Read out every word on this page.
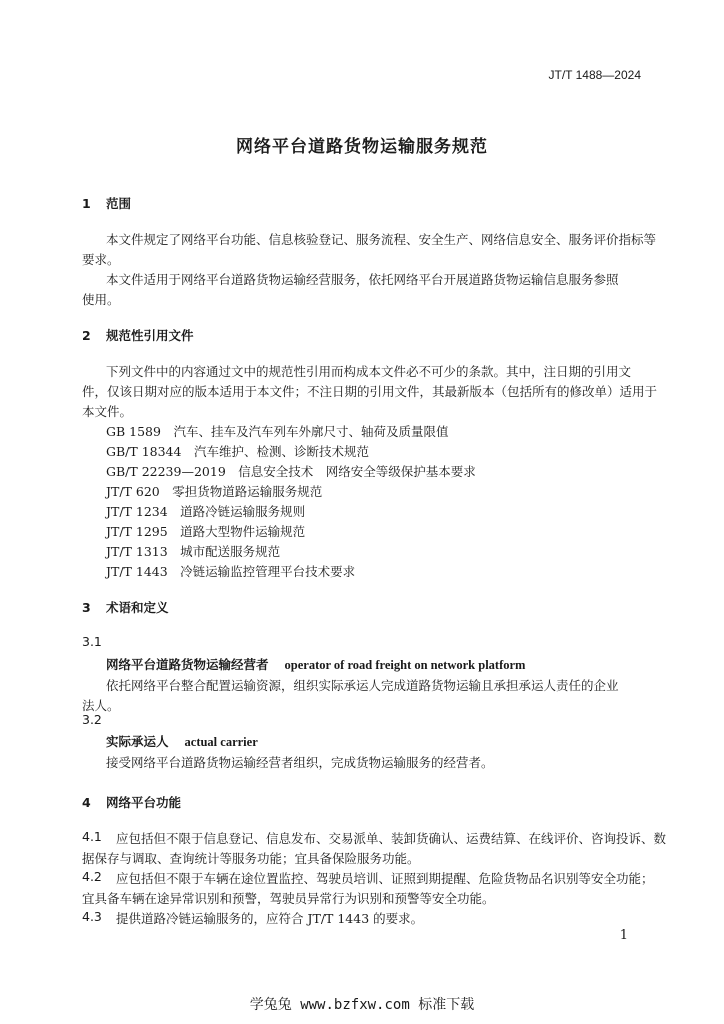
JT/T 1488—2024
网络平台道路货物运输服务规范
1 范围
本文件规定了网络平台功能、信息核验登记、服务流程、安全生产、网络信息安全、服务评价指标等
要求。
本文件适用于网络平台道路货物运输经营服务，依托网络平台开展道路货物运输信息服务参照
使用。
2 规范性引用文件
下列文件中的内容通过文中的规范性引用而构成本文件必不可少的条款。其中，注日期的引用文
件，仅该日期对应的版本适用于本文件；不注日期的引用文件，其最新版本（包括所有的修改单）适用于
本文件。
GB 1589　汽车、挂车及汽车列车外廓尺寸、轴荷及质量限值
GB/T 18344　汽车维护、检测、诊断技术规范
GB/T 22239—2019　信息安全技术　网络安全等级保护基本要求
JT/T 620　零担货物道路运输服务规范
JT/T 1234　道路冷链运输服务规则
JT/T 1295　道路大型物件运输规范
JT/T 1313　城市配送服务规范
JT/T 1443　冷链运输监控管理平台技术要求
3 术语和定义
3.1
网络平台道路货物运输经营者 operator of road freight on network platform
依托网络平台整合配置运输资源，组织实际承运人完成道路货物运输且承担承运人责任的企业
法人。
3.2
实际承运人 actual carrier
接受网络平台道路货物运输经营者组织，完成货物运输服务的经营者。
4 网络平台功能
4.1 应包括但不限于信息登记、信息发布、交易派单、装卸货确认、运费结算、在线评价、咨询投诉、数
据保存与调取、查询统计等服务功能；宜具备保险服务功能。
4.2 应包括但不限于车辆在途位置监控、驾驶员培训、证照到期提醒、危险货物品名识别等安全功能；
宜具备车辆在途异常识别和预警，驾驶员异常行为识别和预警等安全功能。
4.3 提供道路冷链运输服务的，应符合 JT/T 1443 的要求。
1
学兔兔 www.bzfxw.com 标准下载
